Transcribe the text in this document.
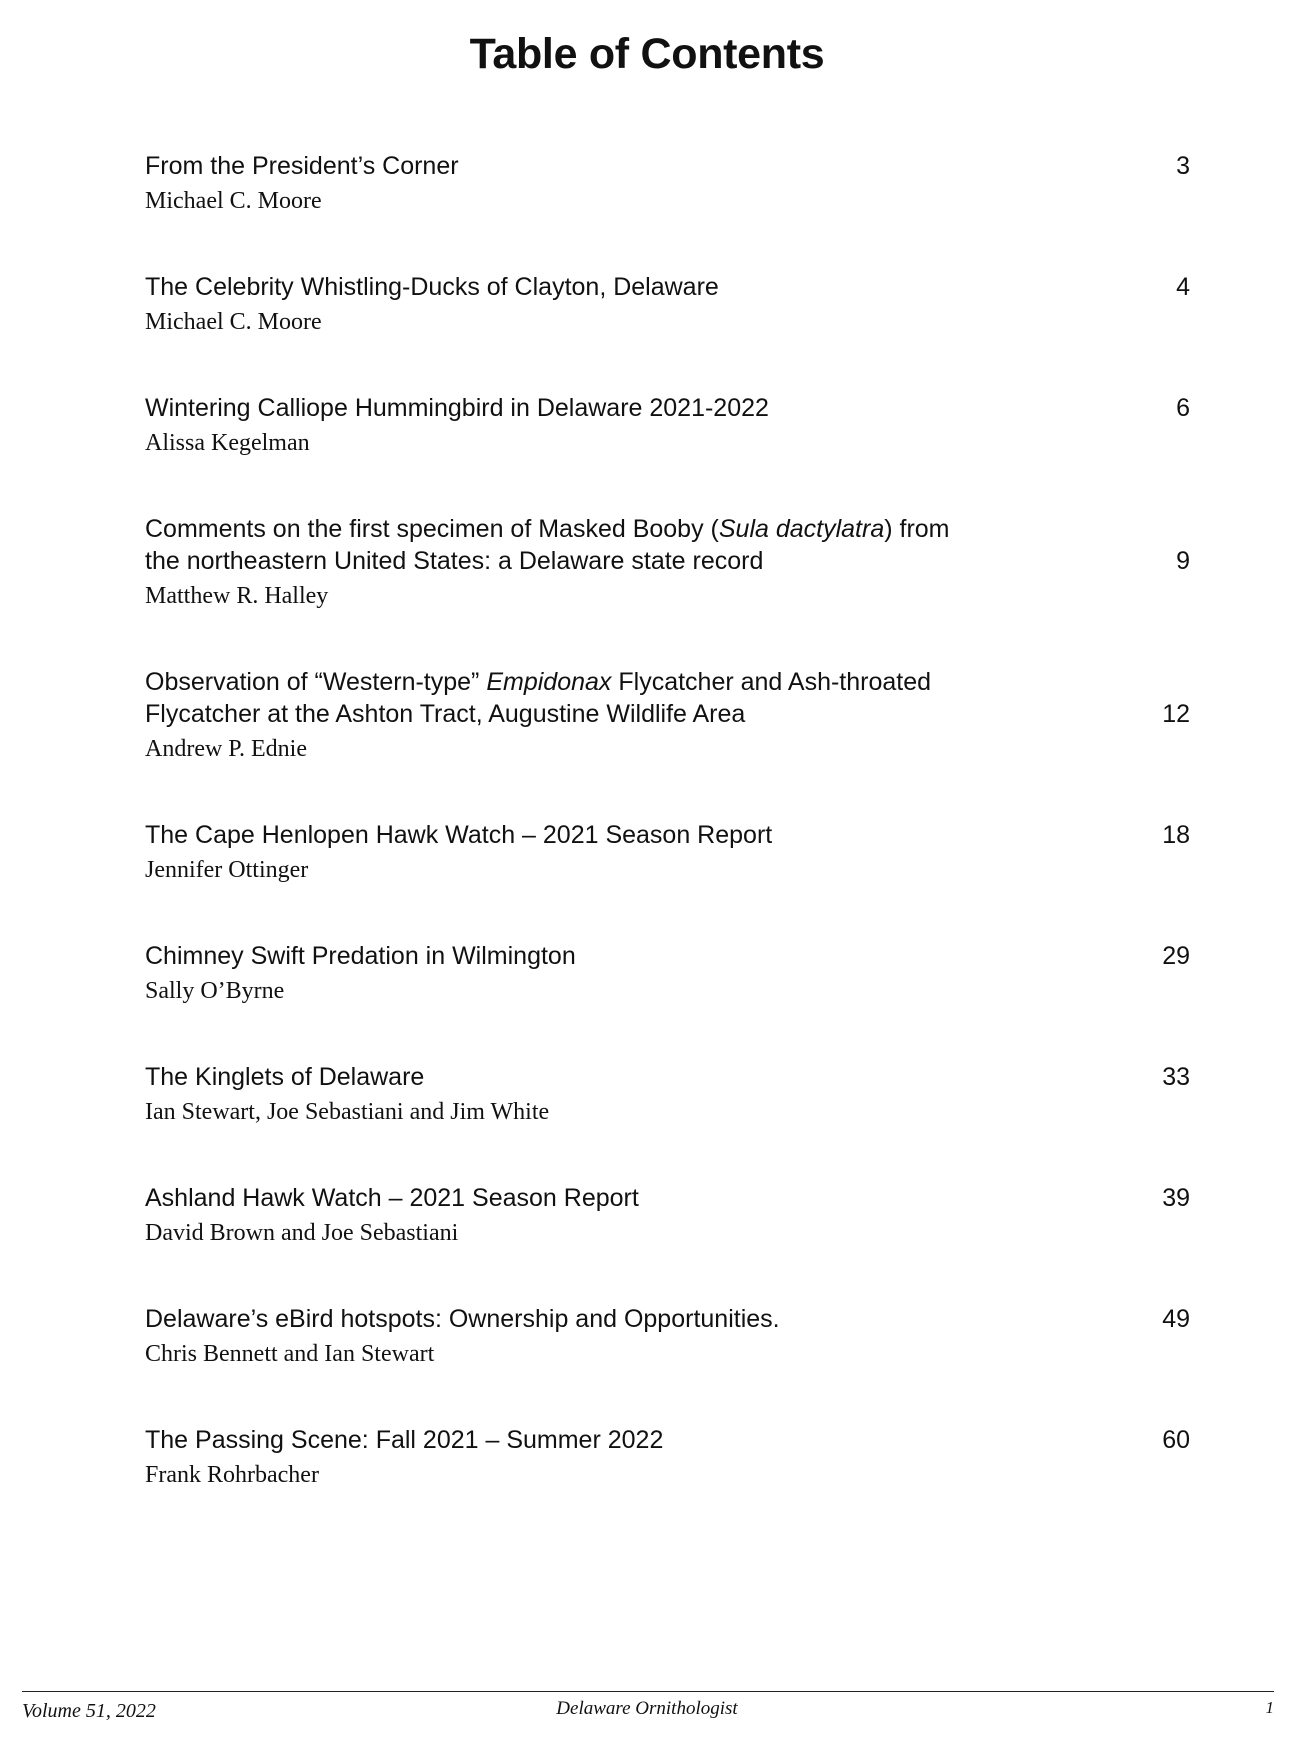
Table of Contents
From the President’s Corner
Michael C. Moore
3
The Celebrity Whistling-Ducks of Clayton, Delaware
Michael C. Moore
4
Wintering Calliope Hummingbird in Delaware 2021-2022
Alissa Kegelman
6
Comments on the first specimen of Masked Booby (Sula dactylatra) from
the northeastern United States: a Delaware state record
Matthew R. Halley
9
Observation of “Western-type” Empidonax Flycatcher and Ash-throated
Flycatcher at the Ashton Tract, Augustine Wildlife Area
Andrew P. Ednie
12
The Cape Henlopen Hawk Watch – 2021 Season Report
Jennifer Ottinger
18
Chimney Swift Predation in Wilmington
Sally O’Byrne
29
The Kinglets of Delaware
Ian Stewart, Joe Sebastiani and Jim White
33
Ashland Hawk Watch – 2021 Season Report
David Brown and Joe Sebastiani
39
Delaware’s eBird hotspots: Ownership and Opportunities.
Chris Bennett and Ian Stewart
49
The Passing Scene: Fall 2021 – Summer 2022
Frank Rohrbacher
60
Volume 51, 2022	Delaware Ornithologist	1
